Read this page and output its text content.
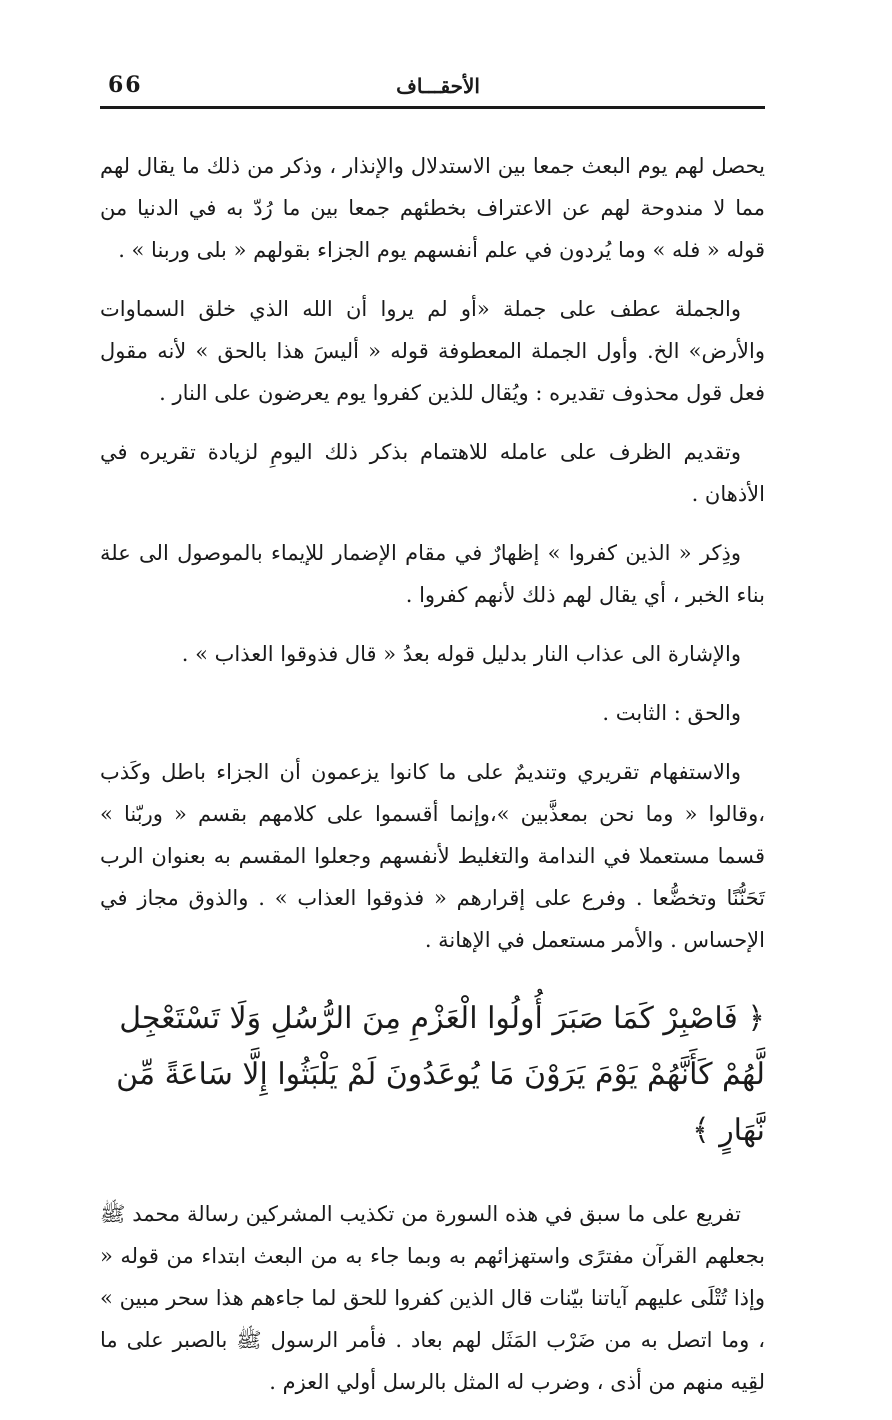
66	الأحقـــاف

يحصل لهم يوم البعث جمعا بين الاستدلال والإنذار ، وذكر من ذلك ما يقال لهم مما لا مندوحة لهم عن الاعتراف بخطئهم جمعا بين ما رُدّ به في الدنيا من قوله « فله » وما يُردون في علم أنفسهم يوم الجزاء بقولهم « بلى وربنا » .

والجملة عطف على جملة «أو لم يروا أن الله الذي خلق السماوات والأرض» الخ. وأول الجملة المعطوفة قوله « أليسَ هذا بالحق » لأنه مقول فعل قول محذوف تقديره : ويُقال للذين كفروا يوم يعرضون على النار .

وتقديم الظرف على عامله للاهتمام بذكر ذلك اليومِ لزيادة تقريره في الأذهان .

وذِكر « الذين كفروا » إظهارٌ في مقام الإضمار للإيماء بالموصول الى علة بناء الخبر ، أي يقال لهم ذلك لأنهم كفروا .

والإشارة الى عذاب النار بدليل قوله بعدُ « قال فذوقوا العذاب » .

والحق : الثابت .

والاستفهام تقريري وتنديمٌ على ما كانوا يزعمون أن الجزاء باطل وكَذب ،وقالوا « وما نحن بمعذَّبين »،وإنما أقسموا على كلامهم بقسم « وربّنا » قسما مستعملا في الندامة والتغليط لأنفسهم وجعلوا المقسم به بعنوان الرب تَحَنُّنًا وتخضُّعا . وفرع على إقرارهم « فذوقوا العذاب » . والذوق مجاز في الإحساس . والأمر مستعمل في الإهانة .

﴿ فَاصْبِرْ كَمَا صَبَرَ أُولُوا الْعَزْمِ مِنَ الرُّسُلِ وَلَا تَسْتَعْجِل لَّهُمْ كَأَنَّهُمْ يَوْمَ يَرَوْنَ مَا يُوعَدُونَ لَمْ يَلْبَثُوا إِلَّا سَاعَةً مِّن نَّهَارٍ ﴾

تفريع على ما سبق في هذه السورة من تكذيب المشركين رسالة محمد ﷺ بجعلهم القرآن مفترًى واستهزائهم به وبما جاء به من البعث ابتداء من قوله « وإذا تُتْلَى عليهم آياتنا بيّنات قال الذين كفروا للحق لما جاءهم هذا سحر مبين » ، وما اتصل به من ضَرْب المَثَل لهم بعاد . فأمر الرسول ﷺ بالصبر على ما لقِيه منهم من أذى ، وضرب له المثل بالرسل أولي العزم .
